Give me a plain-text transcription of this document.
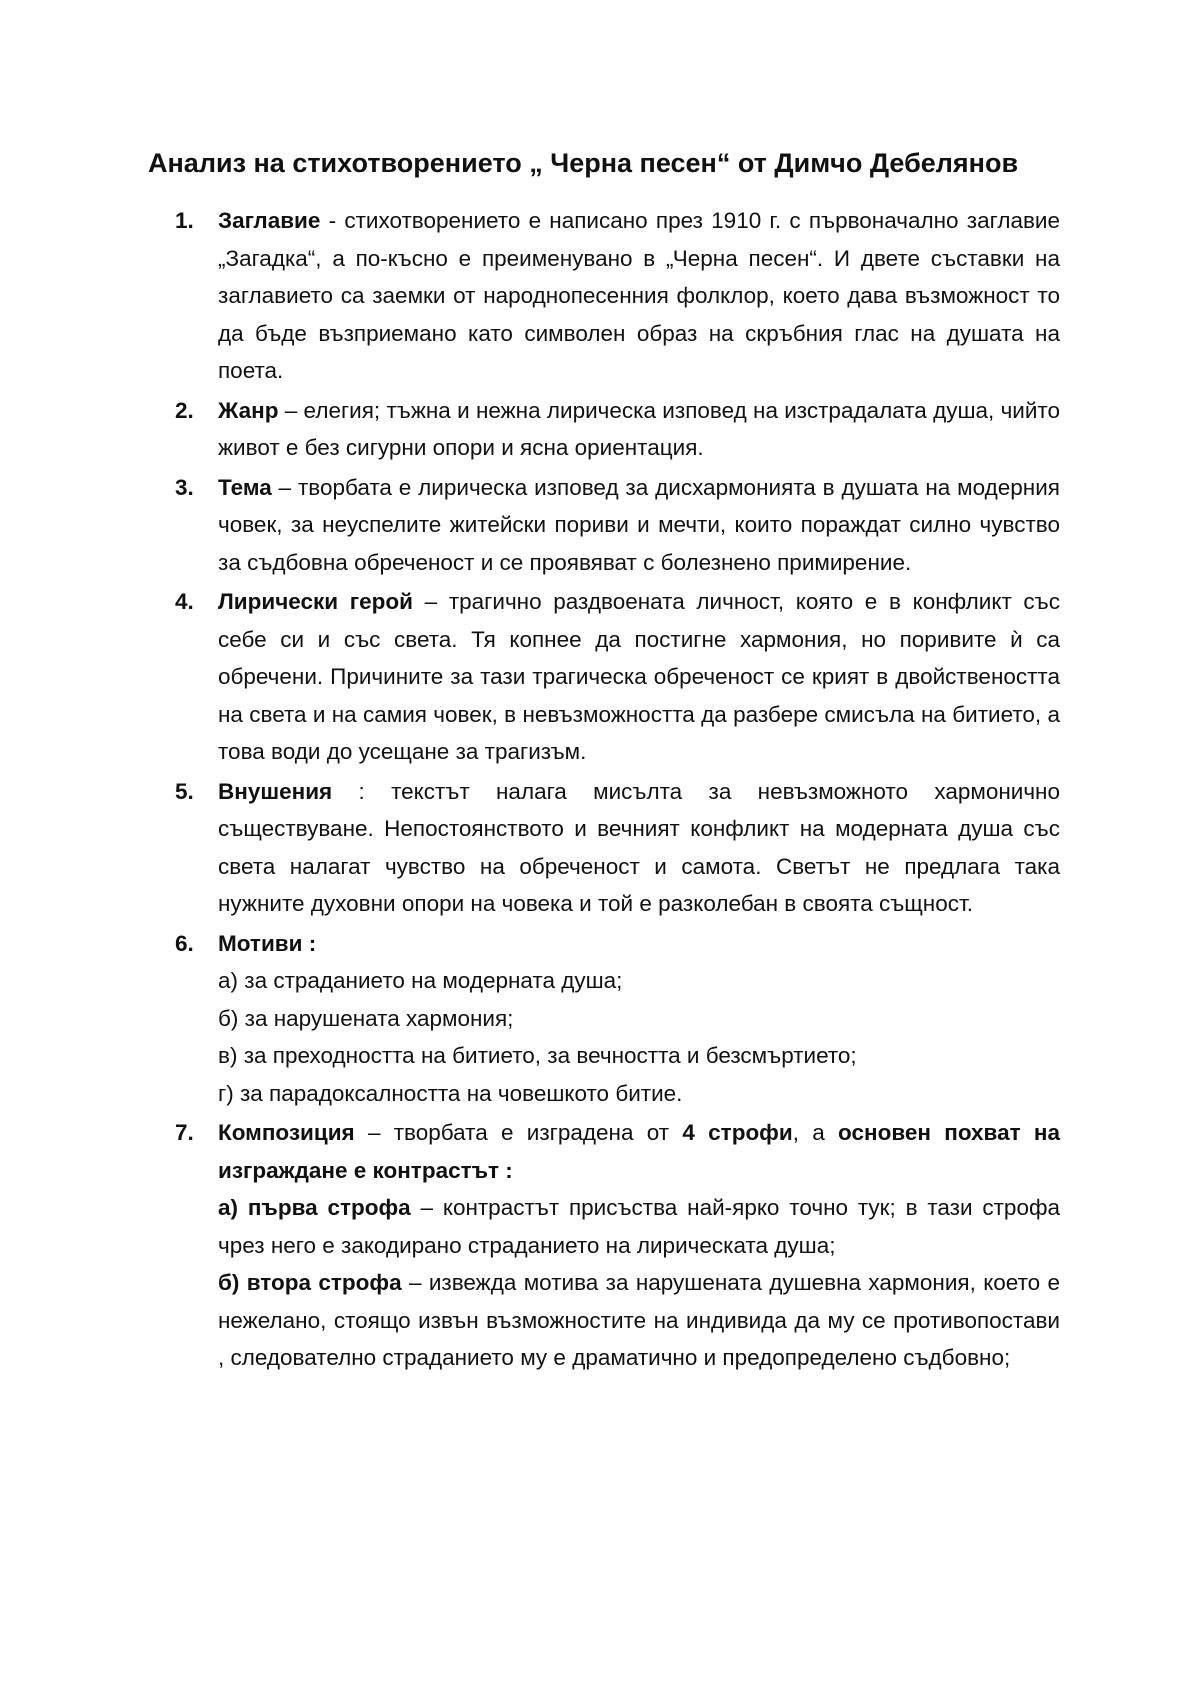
Анализ на стихотворението „ Черна песен“ от Димчо Дебелянов
1. Заглавие - стихотворението е написано през 1910 г. с първоначално заглавие „Загадка“, а по-късно е преименувано в „Черна песен“. И двете съставки на заглавието са заемки от народнопесенния фолклор, което дава възможност то да бъде възприемано като символен образ на скръбния глас на душата на поета.

2. Жанр – елегия; тъжна и нежна лирическа изповед на изстрадалата душа, чийто живот е без сигурни опори и ясна ориентация.

3. Тема – творбата е лирическа изповед за дисхармонията в душата на модерния човек, за неуспелите житейски пориви и мечти, които пораждат силно чувство за съдбовна обреченост и се проявяват с болезнено примирение.

4. Лирически герой – трагично раздвоената личност, която е в конфликт със себе си и със света. Тя копнее да постигне хармония, но поривите ѝ са обречени. Причините за тази трагическа обреченост се крият в двойствеността на света и на самия човек, в невъзможността да разбере смисъла на битието, а това води до усещане за трагизъм.

5. Внушения : текстът налага мисълта за невъзможното хармонично съществуване. Непостоянството и вечният конфликт на модерната душа със света налагат чувство на обреченост и самота. Светът не предлага така нужните духовни опори на човека и той е разколебан в своята същност.

6. Мотиви :

а) за страданието на модерната душа;

б) за нарушената хармония;

в) за преходността на битието, за вечността и безсмъртието;

г) за парадоксалността на човешкото битие.

7. Композиция – творбата е изградена от 4 строфи, а основен похват на изграждане е контрастът :

а) първа строфа – контрастът присъства най-ярко точно тук; в тази строфа чрез него е закодирано страданието на лирическата душа;

б) втора строфа – извежда мотива за нарушената душевна хармония, което е нежелано, стоящо извън възможностите на индивида да му се противопостави , следователно страданието му е драматично и предопределено съдбовно;
